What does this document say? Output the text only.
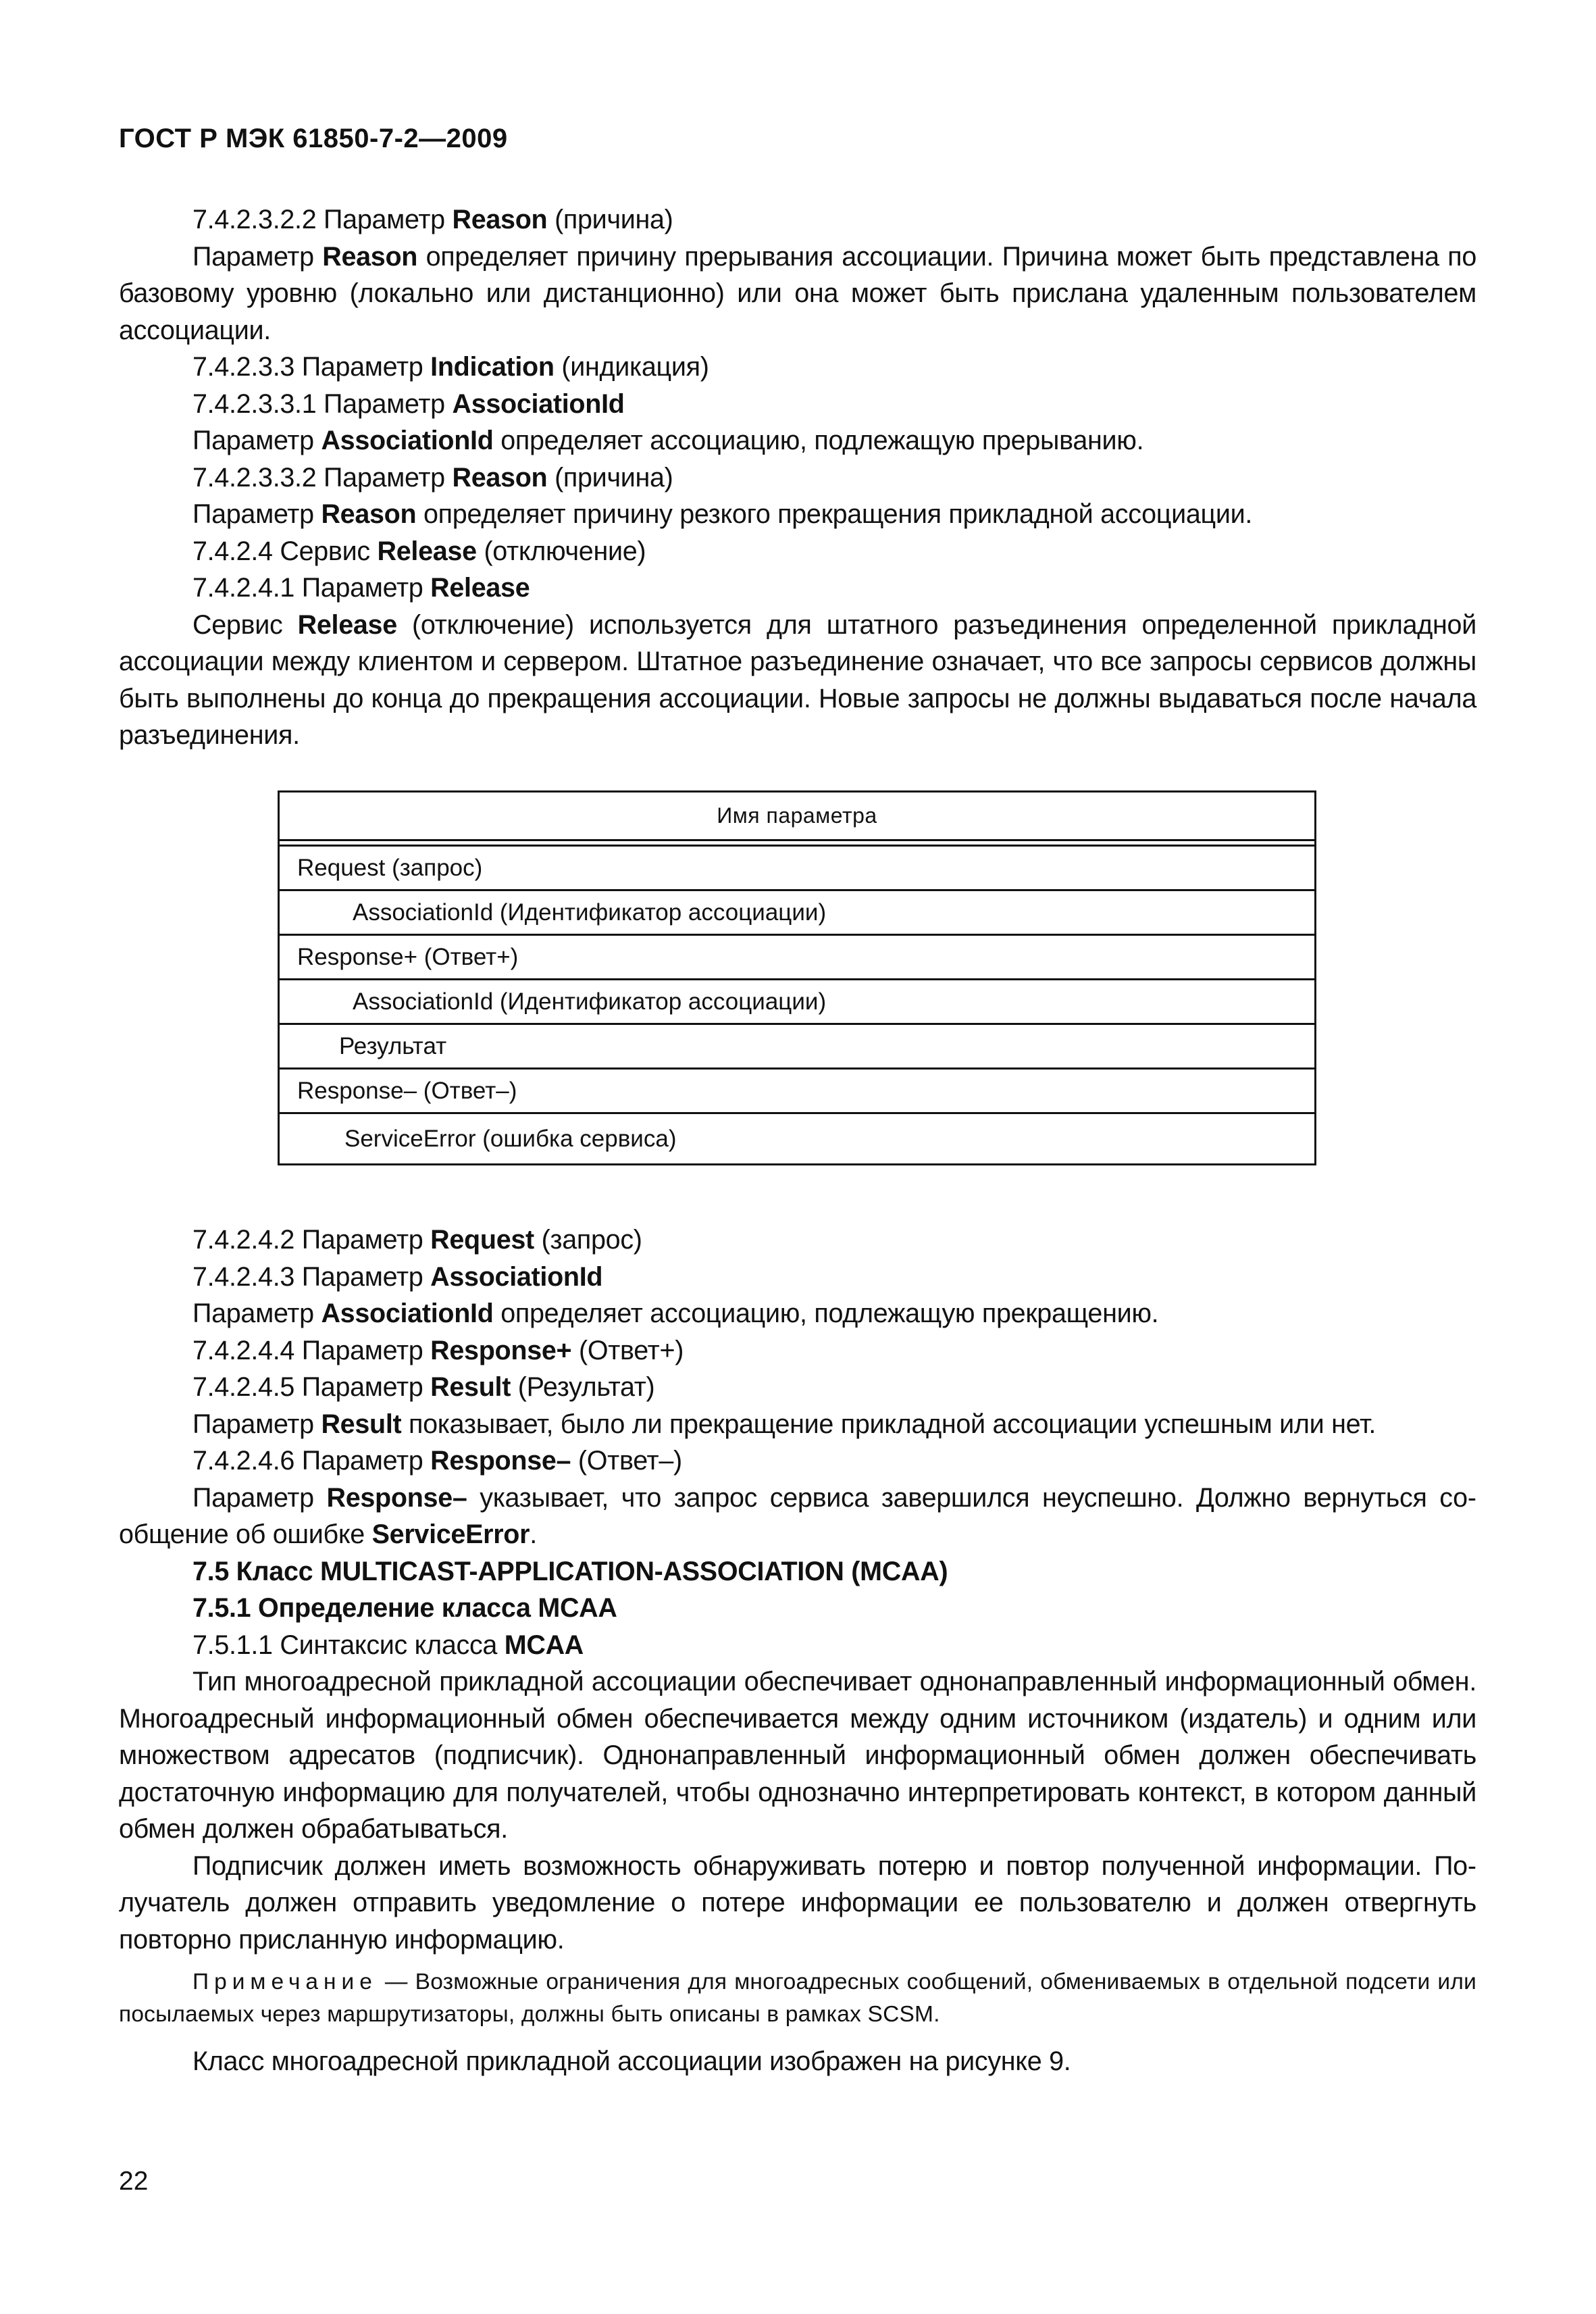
ГОСТ Р МЭК 61850-7-2—2009

7.4.2.3.2.2 Параметр Reason (причина)

Параметр Reason определяет причину прерывания ассоциации. Причина может быть представлена по базовому уровню (локально или дистанционно) или она может быть прислана удаленным пользователем ассоциации.

7.4.2.3.3 Параметр Indication (индикация)

7.4.2.3.3.1 Параметр AssociationId

Параметр AssociationId определяет ассоциацию, подлежащую прерыванию.

7.4.2.3.3.2 Параметр Reason (причина)

Параметр Reason определяет причину резкого прекращения прикладной ассоциации.

7.4.2.4 Сервис Release (отключение)

7.4.2.4.1 Параметр Release

Сервис Release (отключение) используется для штатного разъединения определенной прикладной ассоциации между клиентом и сервером. Штатное разъединение означает, что все запросы сервисов должны быть выполнены до конца до прекращения ассоциации. Новые запросы не должны выдаваться после начала разъединения.

Имя параметра
Request (запрос)
AssociationId (Идентификатор ассоциации)
Response+ (Ответ+)
AssociationId (Идентификатор ассоциации)
Результат
Response– (Ответ–)
ServiceError (ошибка сервиса)

7.4.2.4.2 Параметр Request (запрос)

7.4.2.4.3 Параметр AssociationId

Параметр AssociationId определяет ассоциацию, подлежащую прекращению.

7.4.2.4.4 Параметр Response+ (Ответ+)

7.4.2.4.5 Параметр Result (Результат)

Параметр Result показывает, было ли прекращение прикладной ассоциации успешным или нет.

7.4.2.4.6 Параметр Response– (Ответ–)

Параметр Response– указывает, что запрос сервиса завершился неуспешно. Должно вернуться сообщение об ошибке ServiceError.

7.5 Класс MULTICAST-APPLICATION-ASSOCIATION (MCAA)

7.5.1 Определение класса MCAA

7.5.1.1 Синтаксис класса MCAA

Тип многоадресной прикладной ассоциации обеспечивает однонаправленный информационный обмен. Многоадресный информационный обмен обеспечивается между одним источником (издатель) и одним или множеством адресатов (подписчик). Однонаправленный информационный обмен должен обеспечивать достаточную информацию для получателей, чтобы однозначно интерпретировать контекст, в котором данный обмен должен обрабатываться.

Подписчик должен иметь возможность обнаруживать потерю и повтор полученной информации. Получатель должен отправить уведомление о потере информации ее пользователю и должен отвергнуть повторно присланную информацию.

Примечание — Возможные ограничения для многоадресных сообщений, обмениваемых в отдельной подсети или посылаемых через маршрутизаторы, должны быть описаны в рамках SCSM.

Класс многоадресной прикладной ассоциации изображен на рисунке 9.

22
